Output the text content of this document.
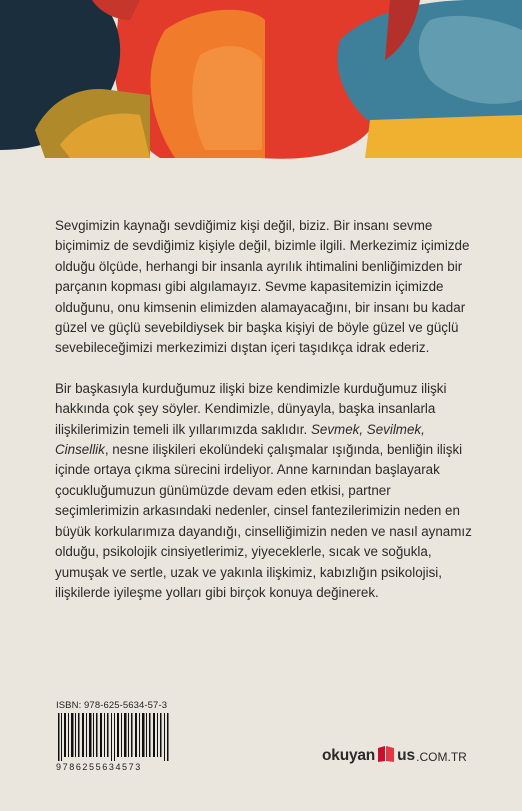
Sevgimizin kaynağı sevdiğimiz kişi değil, biziz. Bir insanı sevme biçimimiz de sevdiğimiz kişiyle değil, bizimle ilgili. Merkezimiz içimizde olduğu ölçüde, herhangi bir insanla ayrılık ihtimalini benliğimizden bir parçanın kopması gibi algılamayız. Sevme kapasitemizin içimizde olduğunu, onu kimsenin elimizden alamayacağını, bir insanı bu kadar güzel ve güçlü sevebildiysek bir başka kişiyi de böyle güzel ve güçlü sevebileceğimizi merkezimizi dıştan içeri taşıdıkça idrak ederiz.

Bir başkasıyla kurduğumuz ilişki bize kendimizle kurduğumuz ilişki hakkında çok şey söyler. Kendimizle, dünyayla, başka insanlarla ilişkilerimizin temeli ilk yıllarımızda saklıdır. Sevmek, Sevilmek, Cinsellik, nesne ilişkileri ekolündeki çalışmalar ışığında, benliğin ilişki içinde ortaya çıkma sürecini irdeliyor. Anne karnından başlayarak çocukluğumuzun günümüzde devam eden etkisi, partner seçimlerimizin arkasındaki nedenler, cinsel fantezilerimizin neden en büyük korkularımıza dayandığı, cinselliğimizin neden ve nasıl aynamız olduğu, psikolojik cinsiyetlerimiz, yiyeceklerle, sıcak ve soğukla, yumuşak ve sertle, uzak ve yakınla ilişkimiz, kabızlığın psikolojisi, ilişkilerde iyileşme yolları gibi birçok konuya değinerek.

ISBN: 978-625-5634-57-3
9786255634573
okuyan us .COM.TR
